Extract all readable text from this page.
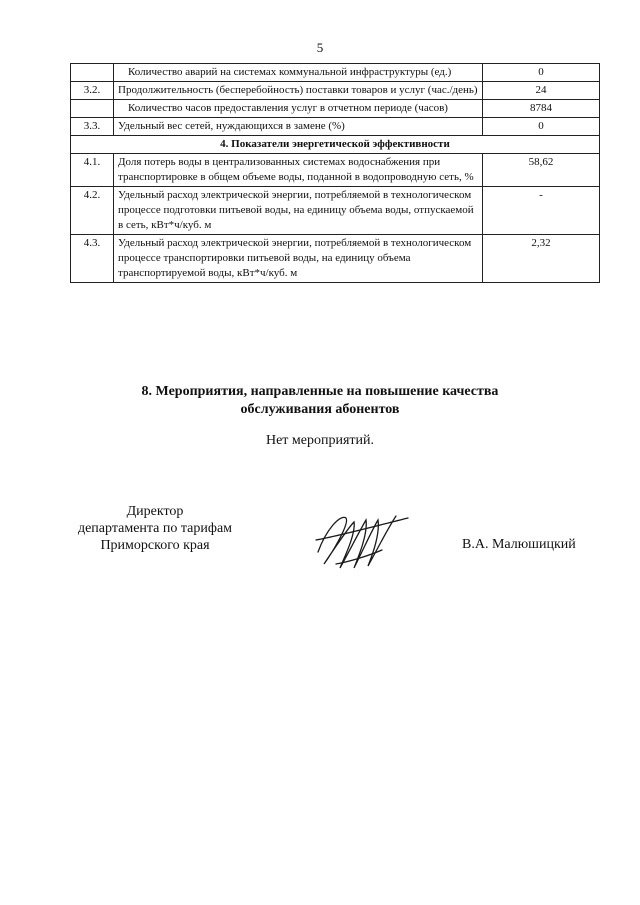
5
	Количество аварий на системах коммунальной инфраструктуры (ед.)	0
3.2.	Продолжительность (бесперебойность) поставки товаров и услуг (час./день)	24
	Количество часов предоставления услуг в отчетном периоде (часов)	8784
3.3.	Удельный вес сетей, нуждающихся в замене (%)	0
4. Показатели энергетической эффективности		
4.1.	Доля потерь воды в централизованных системах водоснабжения при транспортировке в общем объеме воды, поданной в водопроводную сеть, %	58,62
4.2.	Удельный расход электрической энергии, потребляемой в технологическом процессе подготовки питьевой воды, на единицу объема воды, отпускаемой в сеть, кВт*ч/куб. м	-
4.3.	Удельный расход электрической энергии, потребляемой в технологическом процессе транспортировки питьевой воды, на единицу объема транспортируемой воды, кВт*ч/куб. м	2,32
8. Мероприятия, направленные на повышение качества
обслуживания абонентов
Нет мероприятий.
Директор
департамента по тарифам
Приморского края	В.А. Малюшицкий
